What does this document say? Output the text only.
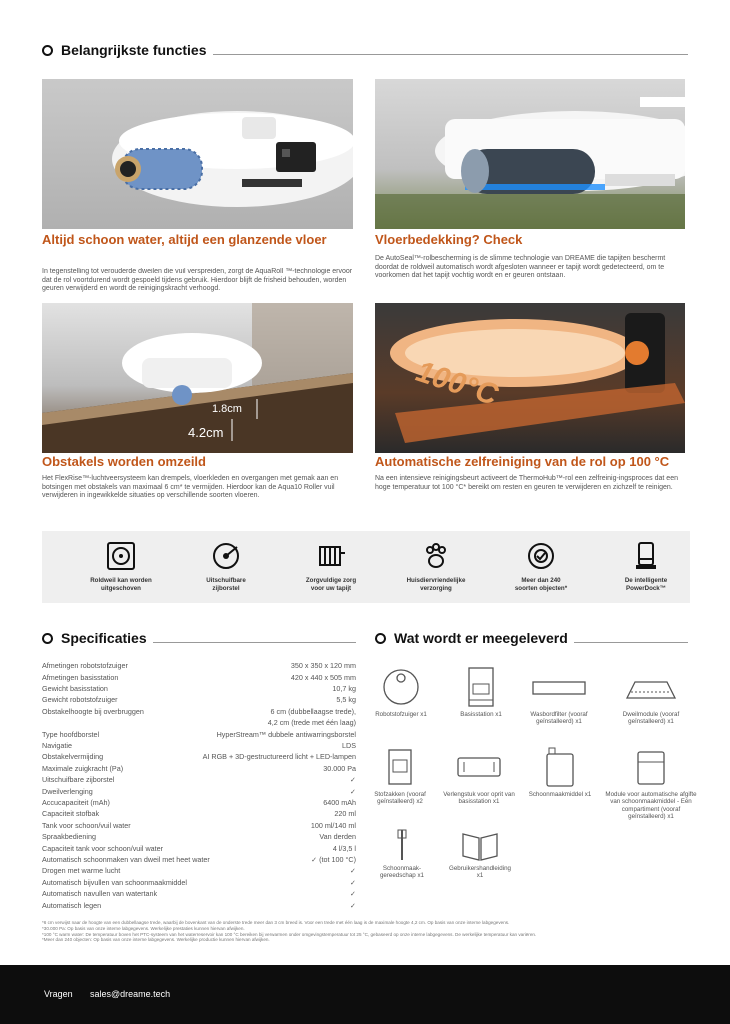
Belangrijkste functies
Altijd schoon water, altijd een glanzende vloer
In tegenstelling tot verouderde dweilen die vuil verspreiden, zorgt de AquaRoll ™-technologie ervoor dat de rol voortdurend wordt gespoeld tijdens gebruik. Hierdoor blijft de frisheid behouden, worden geuren verwijderd en wordt de reinigingskracht verhoogd.
Vloerbedekking? Check
De AutoSeal™-rolbescherming is de slimme technologie van DREAME die tapijten beschermt doordat de roldweil automatisch wordt afgesloten wanneer er tapijt wordt gedetecteerd, om te voorkomen dat het tapijt vochtig wordt en er geuren ontstaan.
1.8cm
4.2cm
100°C
Obstakels worden omzeild
Het FlexRise™-luchtveersysteem kan drempels, vloerkleden en overgangen met gemak aan en botsingen met obstakels van maximaal 6 cm* te vermijden. Hierdoor kan de Aqua10 Roller vuil verwijderen in ingewikkelde situaties op verschillende soorten vloeren.
Automatische zelfreiniging van de rol op 100 °C
Na een intensieve reinigingsbeurt activeert de ThermoHub™-rol een zelfreinig-ingsproces dat een hoge temperatuur tot 100 °C* bereikt om resten en geuren te verwijderen en zichzelf te reinigen.
Roldweil kan worden
uitgeschoven
Uitschuifbare
zijborstel
Zorgvuldige zorg
voor uw tapijt
Huisdiervriendelijke
verzorging
Meer dan 240
soorten objecten*
De intelligente
PowerDock™
Specificaties
Afmetingen robotstofzuiger	350 x 350 x 120 mm
Afmetingen basisstation	420 x 440 x 505 mm
Gewicht basisstation	10,7 kg
Gewicht robotstofzuiger	5,5 kg
Obstakelhoogte bij overbruggen	6 cm (dubbellaagse trede),
4,2 cm (trede met één laag)
Type hoofdborstel	HyperStream™ dubbele antiwarringsborstel
Navigatie	LDS
Obstakelvermijding	AI RGB + 3D-gestructureerd licht + LED-lampen
Maximale zuigkracht (Pa)	30.000 Pa
Uitschuifbare zijborstel	✓
Dweilverlenging	✓
Accucapaciteit (mAh)	6400 mAh
Capaciteit stofbak	220 ml
Tank voor schoon/vuil water	100 ml/140 ml
Spraakbediening	Van derden
Capaciteit tank voor schoon/vuil water	4 l/3,5 l
Automatisch schoonmaken van dweil met heet water	✓ (tot 100 °C)
Drogen met warme lucht	✓
Automatisch bijvullen van schoonmaakmiddel	✓
Automatisch navullen van watertank	✓
Automatisch legen	✓
Wat wordt er meegeleverd
Robotstofzuiger x1	Basisstation x1	Wasbordfilter (vooraf geïnstalleerd) x1
Dweilmodule (vooraf geïnstalleerd) x1
Stofzakken (vooraf geïnstalleerd) x2
Verlengstuk voor oprit van basisstation x1
Schoonmaakmiddel x1	Module voor automatische afgifte van schoonmaakmiddel - Eén compartiment (vooraf geïnstalleerd) x1
Schoonmaak-gereedschap x1
Gebruikershandleiding x1
*6 cm verwijst naar de hoogte van een dubbellaagse trede, waarbij de bovenkant van de onderste trede meer dan 3 cm breed is. Voor een trede met één laag is de maximale hoogte 4,2 cm. Op basis van onze interne labgegevens.
*30.000 Pa: Op basis van onze interne labgegevens. Werkelijke prestaties kunnen hiervan afwijken.
*100 °C warm water: De temperatuur boven het PTC-systeem van het waterreservoir kan 100 °C bereiken bij verwarmen onder omgevingstemperatuur tot 25 °C, gebaseerd op onze interne labgegevens. De werkelijke temperatuur kan variëren.
*Meer dan 240 objecten: Op basis van onze interne labgegevens. Werkelijke productie kunnen hiervan afwijken.
Vragen sales@dreame.tech
